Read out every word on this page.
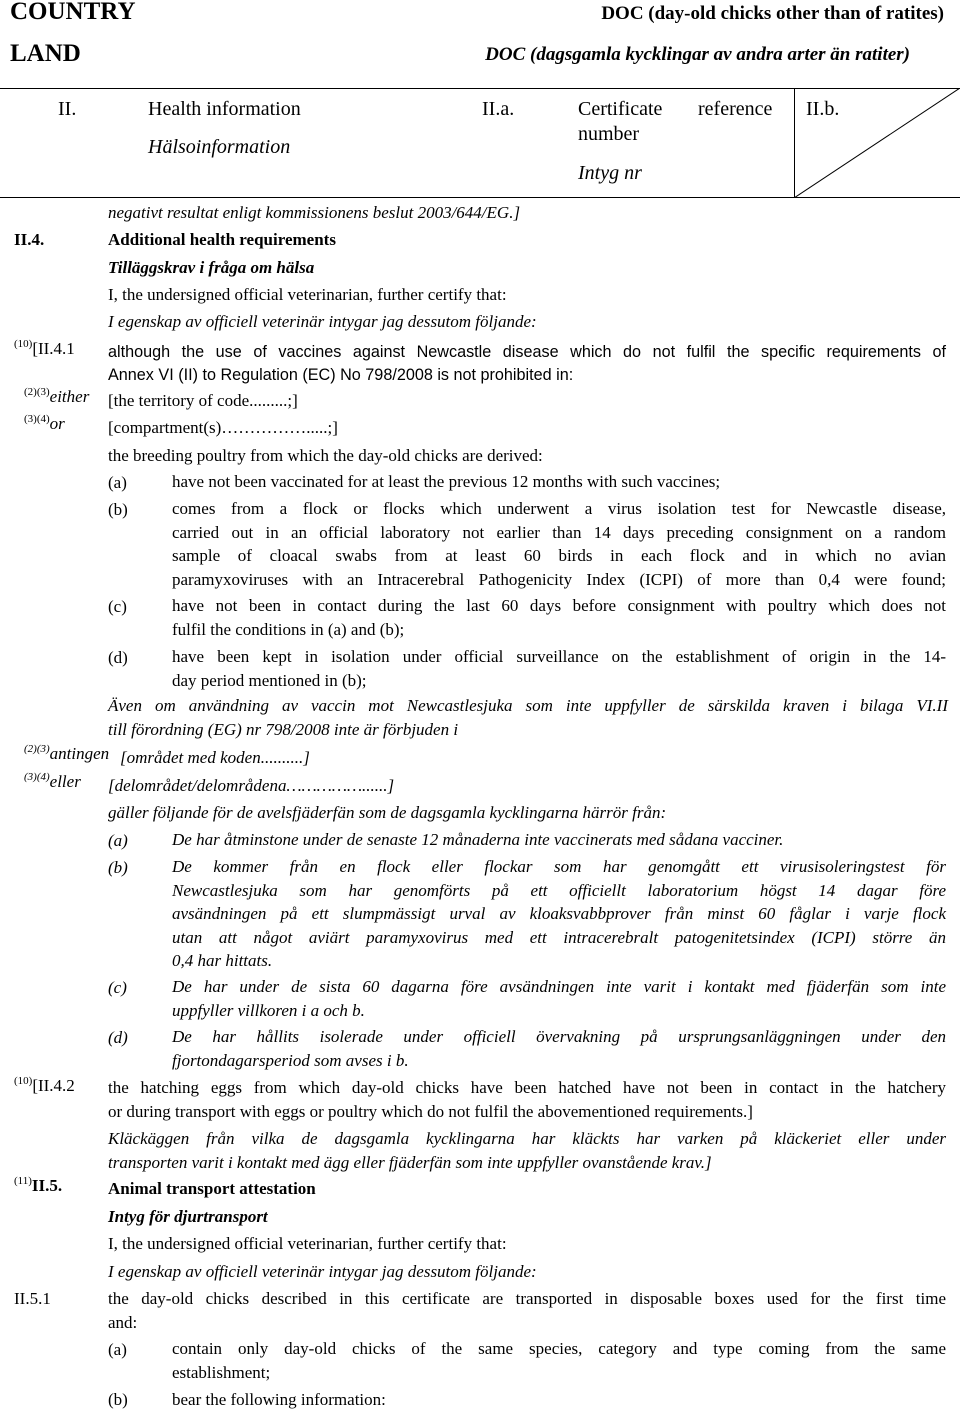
COUNTRY
LAND
DOC (day-old chicks other than of ratites)
DOC (dagsgamla kycklingar av andra arter än ratiter)
II.	Health information
Hälsoinformation
II.a.	Certificate reference
number
Intyg nr
II.b.
negativt resultat enligt kommissionens beslut 2003/644/EG.]
II.4.	Additional health requirements
Tilläggskrav i fråga om hälsa
I, the undersigned official veterinarian, further certify that:
I egenskap av officiell veterinär intygar jag dessutom följande:
$^{(10)}$[II.4.1 although the use of vaccines against Newcastle disease which do not fulfil the specific requirements of
Annex VI (II) to Regulation (EC) No 798/2008 is not prohibited in:
$^{(2)(3)}$either [the territory of code.........;]
$^{(3)(4)}$or	[compartment(s)…………….....;]
the breeding poultry from which the day-old chicks are derived:
(a)	have not been vaccinated for at least the previous 12 months with such vaccines;
(b)	comes from a flock or flocks which underwent a virus isolation test for Newcastle disease,
carried out in an official laboratory not earlier than 14 days preceding consignment on a random
sample of cloacal swabs from at least 60 birds in each flock and in which no avian
paramyxoviruses with an Intracerebral Pathogenicity Index (ICPI) of more than 0,4 were found;
(c)	have not been in contact during the last 60 days before consignment with poultry which does not
fulfil the conditions in (a) and (b);
(d)	have been kept in isolation under official surveillance on the establishment of origin in the 14-
day period mentioned in (b);
Även om användning av vaccin mot Newcastlesjuka som inte uppfyller de särskilda kraven i bilaga VI.II
till förordning (EG) nr 798/2008 inte är förbjuden i
$^{(2)(3)}$antingen [området med koden..........]
$^{(3)(4)}$eller [delområdet/delområdena……………......]
gäller följande för de avelsfjäderfän som de dagsgamla kycklingarna härrör från:
(a)	De har åtminstone under de senaste 12 månaderna inte vaccinerats med sådana vacciner.
(b)	De kommer från en flock eller flockar som har genomgått ett virusisoleringstest för
Newcastlesjuka som har genomförts på ett officiellt laboratorium högst 14 dagar före
avsändningen på ett slumpmässigt urval av kloaksvabbprover från minst 60 fåglar i varje flock
utan att något aviärt paramyxovirus med ett intracerebralt patogenitetsindex (ICPI) större än
0,4 har hittats.
(c)	De har under de sista 60 dagarna före avsändningen inte varit i kontakt med fjäderfän som inte
uppfyller villkoren i a och b.
(d)	De har hållits isolerade under officiell övervakning på ursprungsanläggningen under den
fjortondagarsperiod som avses i b.
$^{(10)}$[II.4.2 the hatching eggs from which day-old chicks have been hatched have not been in contact in the hatchery
or during transport with eggs or poultry which do not fulfil the abovementioned requirements.]
Kläckäggen från vilka de dagsgamla kycklingarna har kläckts har varken på kläckeriet eller under
transporten varit i kontakt med ägg eller fjäderfän som inte uppfyller ovanstående krav.]
$^{(11)}$II.5.	Animal transport attestation
Intyg för djurtransport
I, the undersigned official veterinarian, further certify that:
I egenskap av officiell veterinär intygar jag dessutom följande:
II.5.1	the day-old chicks described in this certificate are transported in disposable boxes used for the first time
and:
(a)	contain only day-old chicks of the same species, category and type coming from the same
establishment;
(b)	bear the following information:
